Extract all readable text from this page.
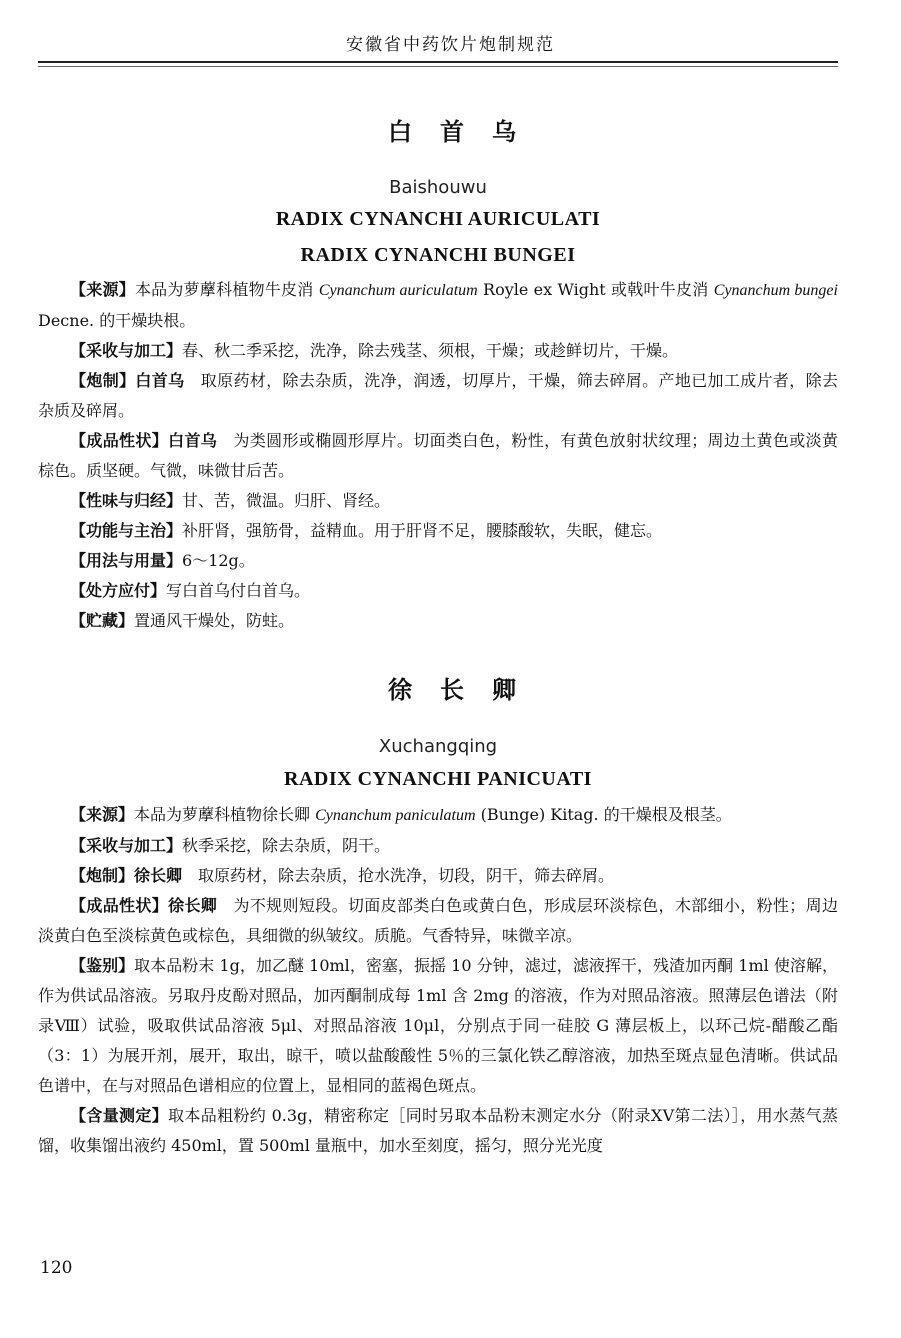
安徽省中药饮片炮制规范
白首乌
Baishouwu
RADIX CYNANCHI AURICULATI
RADIX CYNANCHI BUNGEI

【来源】本品为萝藦科植物牛皮消 Cynanchum auriculatum Royle ex Wight 或戟叶牛皮消 Cynanchum bungei Decne. 的干燥块根。

【采收与加工】春、秋二季采挖，洗净，除去残茎、须根，干燥；或趁鲜切片，干燥。

【炮制】白首乌　取原药材，除去杂质，洗净，润透，切厚片，干燥，筛去碎屑。产地已加工成片者，除去杂质及碎屑。

【成品性状】白首乌　为类圆形或椭圆形厚片。切面类白色，粉性，有黄色放射状纹理；周边土黄色或淡黄棕色。质坚硬。气微，味微甘后苦。

【性味与归经】甘、苦，微温。归肝、肾经。

【功能与主治】补肝肾，强筋骨，益精血。用于肝肾不足，腰膝酸软，失眠，健忘。

【用法与用量】6～12g。

【处方应付】写白首乌付白首乌。

【贮藏】置通风干燥处，防蛀。

徐长卿
Xuchangqing
RADIX CYNANCHI PANICUATI

【来源】本品为萝藦科植物徐长卿 Cynanchum paniculatum (Bunge) Kitag. 的干燥根及根茎。

【采收与加工】秋季采挖，除去杂质，阴干。

【炮制】徐长卿　取原药材，除去杂质，抢水洗净，切段，阴干，筛去碎屑。

【成品性状】徐长卿　为不规则短段。切面皮部类白色或黄白色，形成层环淡棕色，木部细小，粉性；周边淡黄白色至淡棕黄色或棕色，具细微的纵皱纹。质脆。气香特异，味微辛凉。

【鉴别】取本品粉末 1g，加乙醚 10ml，密塞，振摇 10 分钟，滤过，滤液挥干，残渣加丙酮 1ml 使溶解，作为供试品溶液。另取丹皮酚对照品，加丙酮制成每 1ml 含 2mg 的溶液，作为对照品溶液。照薄层色谱法（附录Ⅷ）试验，吸取供试品溶液 5μl、对照品溶液 10μl，分别点于同一硅胶 G 薄层板上，以环己烷-醋酸乙酯（3：1）为展开剂，展开，取出，晾干，喷以盐酸酸性 5％的三氯化铁乙醇溶液，加热至斑点显色清晰。供试品色谱中，在与对照品色谱相应的位置上，显相同的蓝褐色斑点。

【含量测定】取本品粗粉约 0.3g，精密称定［同时另取本品粉末测定水分（附录ⅩⅤ第二法）］，用水蒸气蒸馏，收集馏出液约 450ml，置 500ml 量瓶中，加水至刻度，摇匀，照分光光度

120
